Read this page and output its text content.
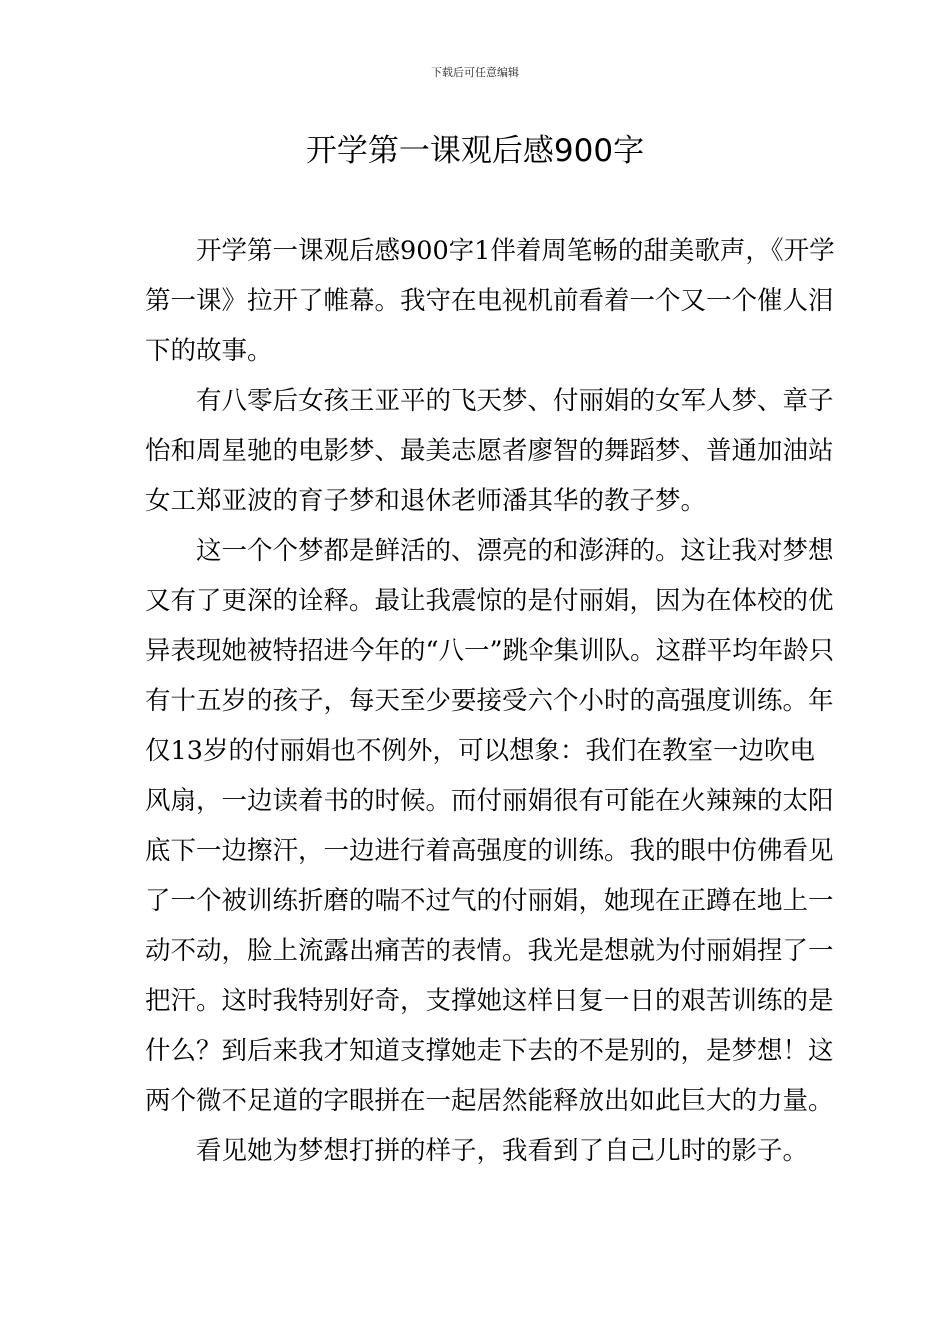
下载后可任意编辑
开学第一课观后感900字

开学第一课观后感900字1伴着周笔畅的甜美歌声，《开学第一课》拉开了帷幕。我守在电视机前看着一个又一个催人泪下的故事。

有八零后女孩王亚平的飞天梦、付丽娟的女军人梦、章子怡和周星驰的电影梦、最美志愿者廖智的舞蹈梦、普通加油站女工郑亚波的育子梦和退休老师潘其华的教子梦。

这一个个梦都是鲜活的、漂亮的和澎湃的。这让我对梦想又有了更深的诠释。最让我震惊的是付丽娟，因为在体校的优异表现她被特招进今年的“八一”跳伞集训队。这群平均年龄只有十五岁的孩子，每天至少要接受六个小时的高强度训练。年仅13岁的付丽娟也不例外，可以想象：我们在教室一边吹电风扇，一边读着书的时候。而付丽娟很有可能在火辣辣的太阳底下一边擦汗，一边进行着高强度的训练。我的眼中仿佛看见了一个被训练折磨的喘不过气的付丽娟，她现在正蹲在地上一动不动，脸上流露出痛苦的表情。我光是想就为付丽娟捏了一把汗。这时我特别好奇，支撑她这样日复一日的艰苦训练的是什么？到后来我才知道支撑她走下去的不是别的，是梦想！这两个微不足道的字眼拼在一起居然能释放出如此巨大的力量。

看见她为梦想打拼的样子，我看到了自己儿时的影子。
